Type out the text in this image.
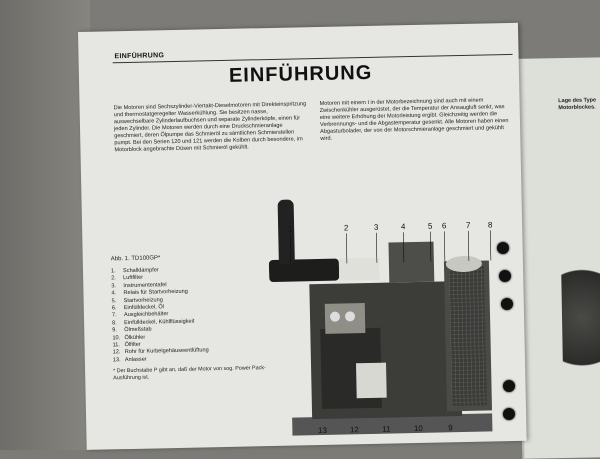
Lage des Type Motorblockes.
EINFÜHRUNG
EINFÜHRUNG
Die Motoren sind Sechszylinder-Viertakt-Dieselmotoren mit Direkteinspritzung und thermostatgeregelter Wasserkühlung. Sie besitzen nasse, auswechselbare Zylinderlaufbuchsen und separate Zylinderköpfe, einen für jeden Zylinder. Die Motoren werden durch eine Druckschmieranlage geschmiert, deren Ölpumpe das Schmieröl zu sämtlichen Schmierstellen pumpt. Bei den Serien 120 und 121 werden die Kolben durch besondere, im Motorblock angebrachte Düsen mit Schmieröl gekühlt.
Motoren mit einem I in der Motorbezeichnung sind auch mit einem Zwischenkühler ausgerüstet, der die Temperatur der Ansaugluft senkt, was eine weitere Erhöhung der Motorleistung ergibt. Gleichzeitig werden die Verbrennungs- und die Abgastemperatur gesenkt. Alle Motoren haben einen Abgasturbolader, der von der Motorschmieranlage geschmiert und gekühlt wird.
Abb. 1. TD100GP*
1.	Schalldämpfer
2.	Luftfilter
3.	Instrumententafel
4.	Relais für Startvorheizung
5.	Startvorheizung
6.	Einfülldeckel, Öl
7.	Ausgleichbehälter
8.	Einfülldeckel, Kühlflüssigkeit
9.	Ölmeßstab
10. Ölkühler
11. Ölfilter
12. Rohr für Kurbelgehäuseentlüftung
13. Anlasser
* Der Buchstabe P gibt an, daß der Motor von sog. Power Pack-Ausführung ist.
1	2	3	4	5 6 7 8
13	12	11	10	9
